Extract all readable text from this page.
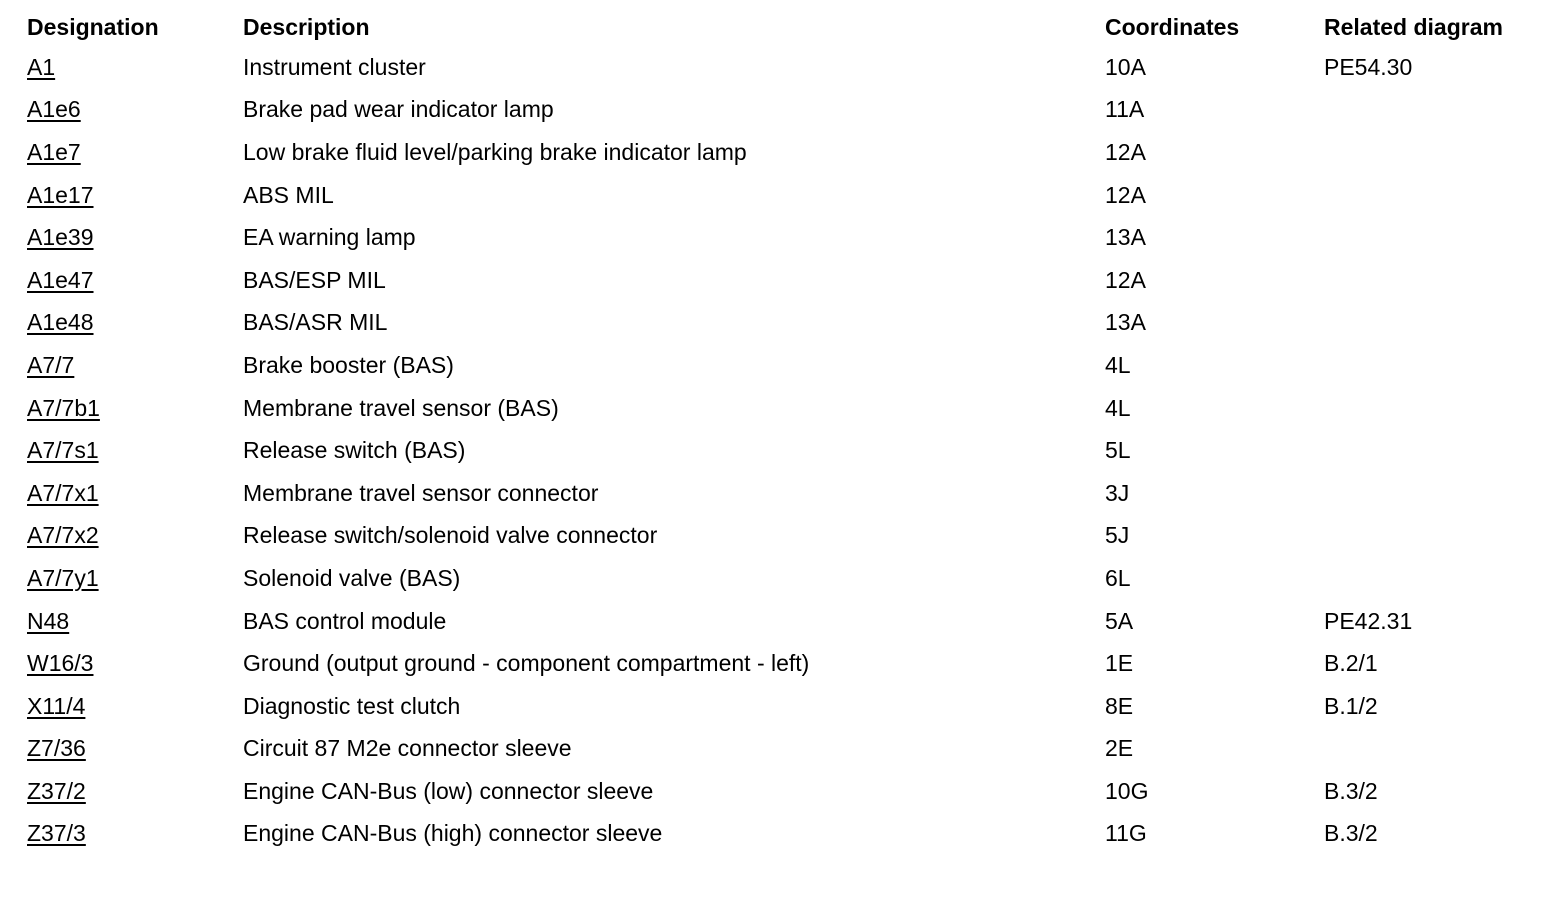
Designation	Description	Coordinates	Related diagram
A1	Instrument cluster	10A	PE54.30
A1e6	Brake pad wear indicator lamp	11A
A1e7	Low brake fluid level/parking brake indicator lamp	12A
A1e17	ABS MIL	12A
A1e39	EA warning lamp	13A
A1e47	BAS/ESP MIL	12A
A1e48	BAS/ASR MIL	13A
A7/7	Brake booster (BAS)	4L
A7/7b1	Membrane travel sensor (BAS)	4L
A7/7s1	Release switch (BAS)	5L
A7/7x1	Membrane travel sensor connector	3J
A7/7x2	Release switch/solenoid valve connector	5J
A7/7y1	Solenoid valve (BAS)	6L
N48	BAS control module	5A	PE42.31
W16/3	Ground (output ground - component compartment - left)	1E	B.2/1
X11/4	Diagnostic test clutch	8E	B.1/2
Z7/36	Circuit 87 M2e connector sleeve	2E
Z37/2	Engine CAN-Bus (low) connector sleeve	10G	B.3/2
Z37/3	Engine CAN-Bus (high) connector sleeve	11G	B.3/2
